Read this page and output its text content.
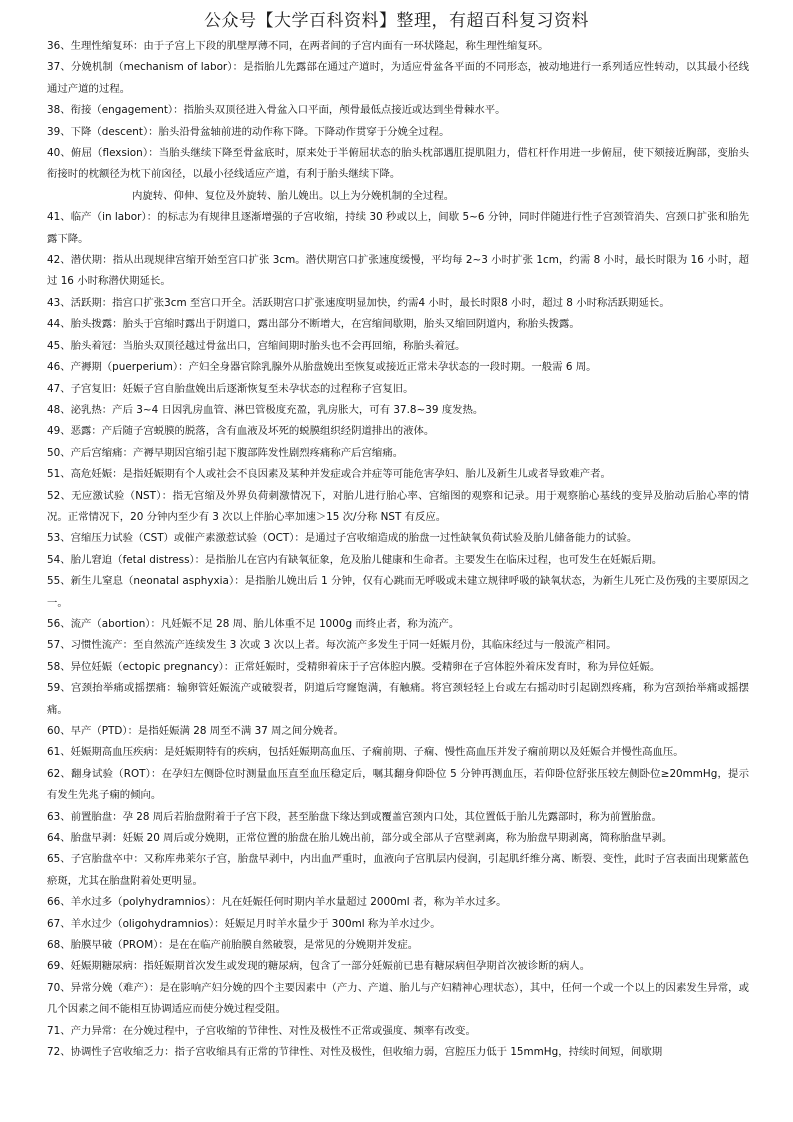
公众号【大学百科资料】整理，有超百科复习资料

36、生理性缩复环：由于子宫上下段的肌壁厚薄不同，在两者间的子宫内面有一环状隆起，称生理性缩复环。

37、分娩机制（mechanism of labor）：是指胎儿先露部在通过产道时，为适应骨盆各平面的不同形态，被动地进行一系列适应性转动，以其最小径线通过产道的过程。

38、衔接（engagement）：指胎头双顶径进入骨盆入口平面，颅骨最低点接近或达到坐骨棘水平。

39、下降（descent）：胎头沿骨盆轴前进的动作称下降。下降动作贯穿于分娩全过程。

40、俯屈（flexsion）：当胎头继续下降至骨盆底时，原来处于半俯屈状态的胎头枕部遇肛提肌阻力，借杠杆作用进一步俯屈，使下颏接近胸部，变胎头衔接时的枕额径为枕下前囟径，以最小径线适应产道，有利于胎头继续下降。

内旋转、仰伸、复位及外旋转、胎儿娩出。以上为分娩机制的全过程。

41、临产（in labor）：的标志为有规律且逐渐增强的子宫收缩，持续 30 秒或以上，间歇 5~6 分钟，同时伴随进行性子宫颈管消失、宫颈口扩张和胎先露下降。

42、潜伏期：指从出现规律宫缩开始至宫口扩张 3cm。潜伏期宫口扩张速度缓慢，平均每 2~3 小时扩张 1cm，约需 8 小时，最长时限为 16 小时，超过 16 小时称潜伏期延长。

43、活跃期：指宫口扩张3cm 至宫口开全。活跃期宫口扩张速度明显加快，约需4 小时，最长时限8 小时，超过 8 小时称活跃期延长。

44、胎头拨露：胎头于宫缩时露出于阴道口，露出部分不断增大，在宫缩间歇期，胎头又缩回阴道内，称胎头拨露。

45、胎头着冠：当胎头双顶径越过骨盆出口，宫缩间期时胎头也不会再回缩，称胎头着冠。

46、产褥期（puerperium）：产妇全身器官除乳腺外从胎盘娩出至恢复或接近正常未孕状态的一段时期。一般需 6 周。

47、子宫复旧：妊娠子宫自胎盘娩出后逐渐恢复至未孕状态的过程称子宫复旧。

48、泌乳热：产后 3~4 日因乳房血管、淋巴管极度充盈，乳房胀大，可有 37.8~39 度发热。

49、恶露：产后随子宫蜕膜的脱落，含有血液及坏死的蜕膜组织经阴道排出的液体。

50、产后宫缩痛：产褥早期因宫缩引起下腹部阵发性剧烈疼痛称产后宫缩痛。

51、高危妊娠：是指妊娠期有个人或社会不良因素及某种并发症或合并症等可能危害孕妇、胎儿及新生儿或者导致难产者。

52、无应激试验（NST）：指无宫缩及外界负荷刺激情况下，对胎儿进行胎心率、宫缩图的观察和记录。用于观察胎心基线的变异及胎动后胎心率的情况。正常情况下，20 分钟内至少有 3 次以上伴胎心率加速＞15 次/分称 NST 有反应。

53、宫缩压力试验（CST）或催产素激惹试验（OCT）：是通过子宫收缩造成的胎盘一过性缺氧负荷试验及胎儿储备能力的试验。

54、胎儿窘迫（fetal distress）：是指胎儿在宫内有缺氧征象，危及胎儿健康和生命者。主要发生在临床过程，也可发生在妊娠后期。

55、新生儿窒息（neonatal asphyxia）：是指胎儿娩出后 1 分钟，仅有心跳而无呼吸或未建立规律呼吸的缺氧状态，为新生儿死亡及伤残的主要原因之一。

56、流产（abortion）：凡妊娠不足 28 周、胎儿体重不足 1000g 而终止者，称为流产。

57、习惯性流产：至自然流产连续发生 3 次或 3 次以上者。每次流产多发生于同一妊娠月份，其临床经过与一般流产相同。

58、异位妊娠（ectopic pregnancy）：正常妊娠时，受精卵着床于子宫体腔内膜。受精卵在子宫体腔外着床发育时，称为异位妊娠。

59、宫颈抬举痛或摇摆痛：输卵管妊娠流产或破裂者，阴道后穹窿饱满，有触痛。将宫颈轻轻上台或左右摇动时引起剧烈疼痛，称为宫颈抬举痛或摇摆痛。

60、早产（PTD）：是指妊娠满 28 周至不满 37 周之间分娩者。

61、妊娠期高血压疾病：是妊娠期特有的疾病，包括妊娠期高血压、子痫前期、子痫、慢性高血压并发子痫前期以及妊娠合并慢性高血压。

62、翻身试验（ROT）：在孕妇左侧卧位时测量血压直至血压稳定后，嘱其翻身仰卧位 5 分钟再测血压，若仰卧位舒张压较左侧卧位≥20mmHg，提示有发生先兆子痫的倾向。

63、前置胎盘：孕 28 周后若胎盘附着于子宫下段，甚至胎盘下缘达到或覆盖宫颈内口处，其位置低于胎儿先露部时，称为前置胎盘。

64、胎盘早剥：妊娠 20 周后或分娩期，正常位置的胎盘在胎儿娩出前，部分或全部从子宫壁剥离，称为胎盘早期剥离，简称胎盘早剥。

65、子宫胎盘卒中：又称库弗莱尔子宫，胎盘早剥中，内出血严重时，血液向子宫肌层内侵润，引起肌纤维分离、断裂、变性，此时子宫表面出现紫蓝色瘀斑，尤其在胎盘附着处更明显。

66、羊水过多（polyhydramnios）：凡在妊娠任何时期内羊水量超过 2000ml 者，称为羊水过多。

67、羊水过少（oligohydramnios）：妊娠足月时羊水量少于 300ml 称为羊水过少。

68、胎膜早破（PROM）：是在在临产前胎膜自然破裂，是常见的分娩期并发症。

69、妊娠期糖尿病：指妊娠期首次发生或发现的糖尿病，包含了一部分妊娠前已患有糖尿病但孕期首次被诊断的病人。

70、异常分娩（难产）：是在影响产妇分娩的四个主要因素中（产力、产道、胎儿与产妇精神心理状态），其中，任何一个或一个以上的因素发生异常，或几个因素之间不能相互协调适应而使分娩过程受阻。

71、产力异常：在分娩过程中，子宫收缩的节律性、对性及极性不正常或强度、频率有改变。

72、协调性子宫收缩乏力：指子宫收缩具有正常的节律性、对性及极性，但收缩力弱，宫腔压力低于 15mmHg，持续时间短，间歇期
